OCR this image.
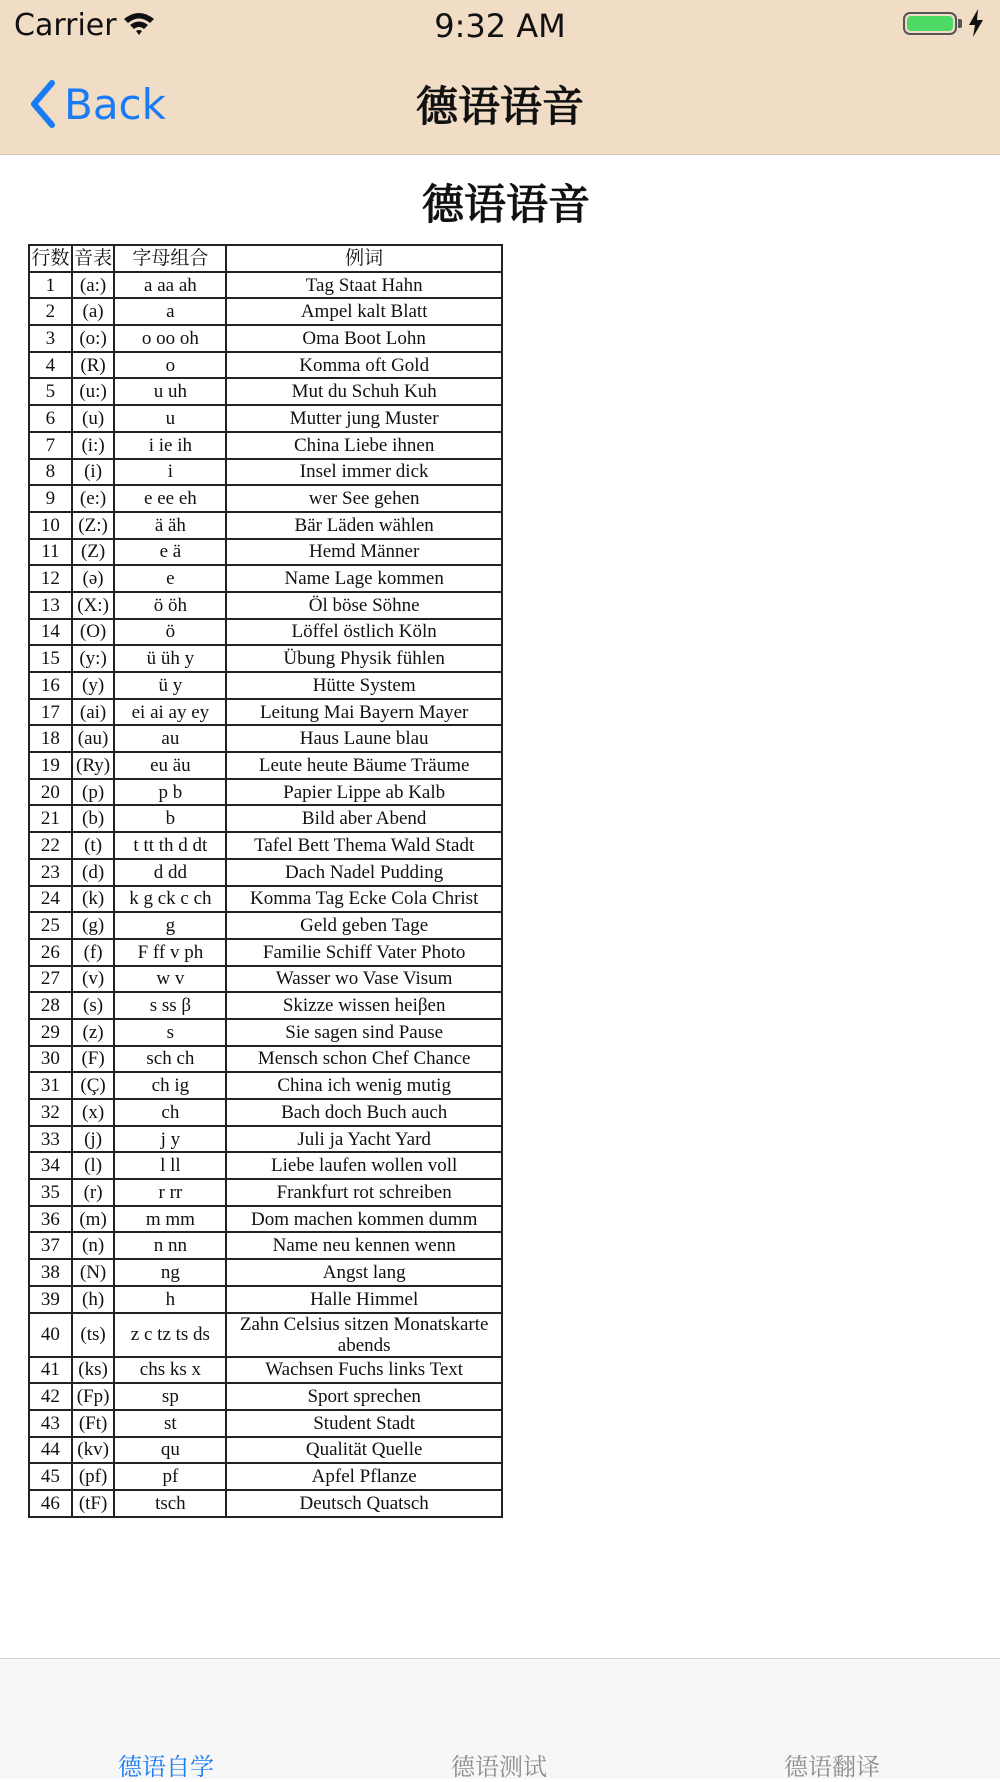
Carrier	9:32 AM
Back	德语语音
德语语音
行数	音表	字母组合	例词
1	(a:)	a aa ah	Tag Staat Hahn
2	(a)	a	Ampel kalt Blatt
3	(o:)	o oo oh	Oma Boot Lohn
4	(R)	o	Komma oft Gold
5	(u:)	u uh	Mut du Schuh Kuh
6	(u)	u	Mutter jung Muster
7	(i:)	i ie ih	China Liebe ihnen
8	(i)	i	Insel immer dick
9	(e:)	e ee eh	wer See gehen
10	(Z:)	ä äh	Bär Läden wählen
11	(Z)	e ä	Hemd Männer
12	(ə)	e	Name Lage kommen
13	(X:)	ö öh	Öl böse Söhne
14	(O)	ö	Löffel östlich Köln
15	(y:)	ü üh y	Übung Physik fühlen
16	(y)	ü y	Hütte System
17	(ai)	ei ai ay ey	Leitung Mai Bayern Mayer
18	(au)	au	Haus Laune blau
19	(Ry)	eu äu	Leute heute Bäume Träume
20	(p)	p b	Papier Lippe ab Kalb
21	(b)	b	Bild aber Abend
22	(t)	t tt th d dt	Tafel Bett Thema Wald Stadt
23	(d)	d dd	Dach Nadel Pudding
24	(k)	k g ck c ch	Komma Tag Ecke Cola Christ
25	(g)	g	Geld geben Tage
26	(f)	F ff v ph	Familie Schiff Vater Photo
27	(v)	w v	Wasser wo Vase Visum
28	(s)	s ss β	Skizze wissen heiβen
29	(z)	s	Sie sagen sind Pause
30	(F)	sch ch	Mensch schon Chef Chance
31	(Ç)	ch ig	China ich wenig mutig
32	(x)	ch	Bach doch Buch auch
33	(j)	j y	Juli ja Yacht Yard
34	(l)	l ll	Liebe laufen wollen voll
35	(r)	r rr	Frankfurt rot schreiben
36	(m)	m mm	Dom machen kommen dumm
37	(n)	n nn	Name neu kennen wenn
38	(N)	ng	Angst lang
39	(h)	h	Halle Himmel
40	(ts)	z c tz ts ds	Zahn Celsius sitzen Monatskarte abends
41	(ks)	chs ks x	Wachsen Fuchs links Text
42	(Fp)	sp	Sport sprechen
43	(Ft)	st	Student Stadt
44	(kv)	qu	Qualität Quelle
45	(pf)	pf	Apfel Pflanze
46	(tF)	tsch	Deutsch Quatsch
德语自学	德语测试	德语翻译
